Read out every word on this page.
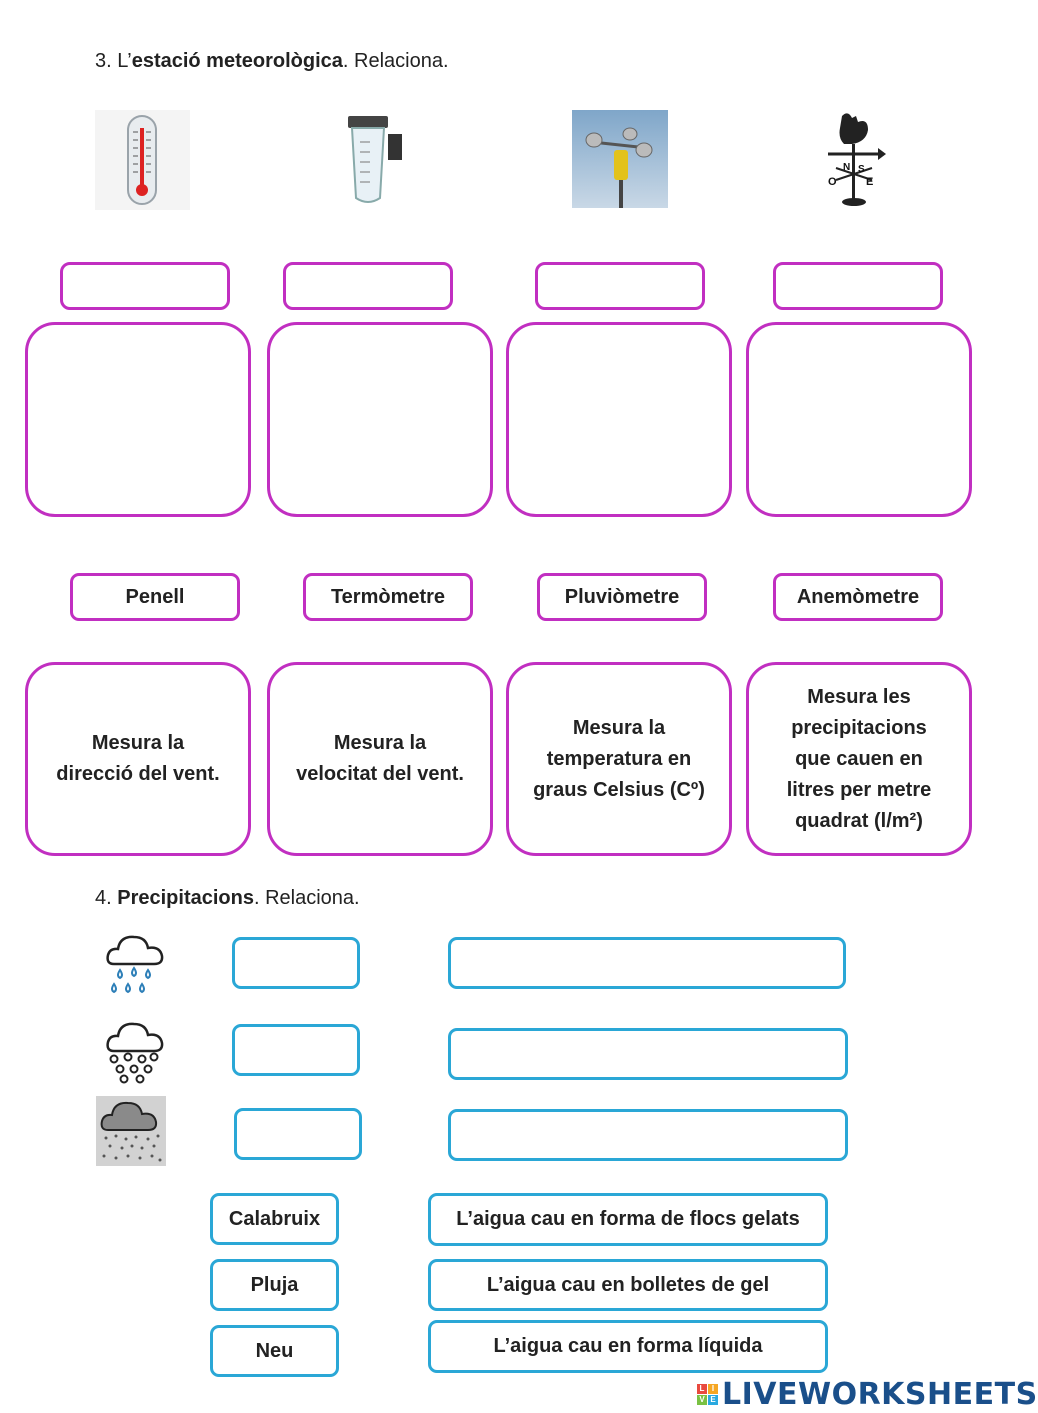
3. L’estació meteorològica. Relaciona.
N
O
S
E
Penell	Termòmetre	Pluviòmetre	Anemòmetre
Mesura la
direcció del vent.
Mesura la
velocitat del vent.
Mesura la
temperatura en
graus Celsius (Cº)
Mesura les
precipitacions
que cauen en
litres per metre
quadrat (l/m²)
4. Precipitacions. Relaciona.
Calabruix
Pluja
Neu
L’aigua cau en forma de flocs gelats
L’aigua cau en bolletes de gel
L’aigua cau en forma líquida
L I
V E LIVEWORKSHEETS
